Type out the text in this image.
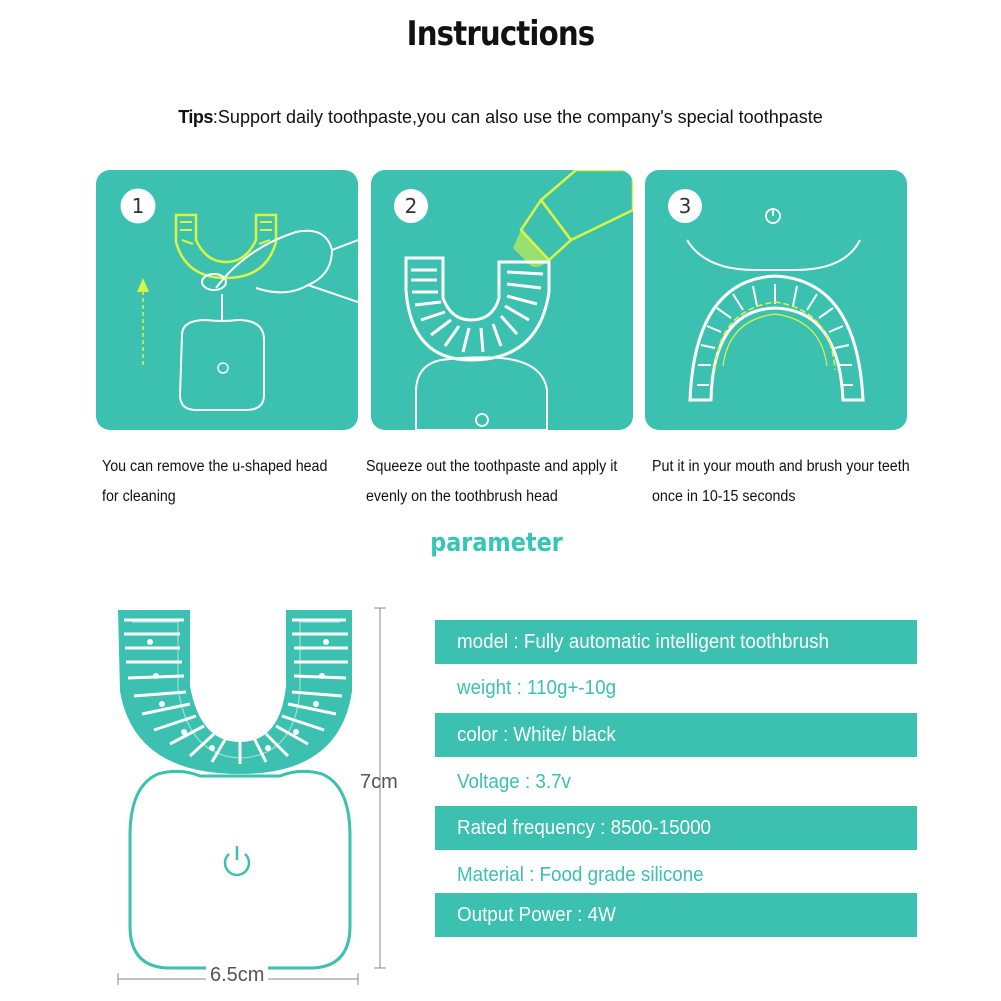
Instructions
Tips:Support daily toothpaste,you can also use the company's special toothpaste
1
You can remove the u-shaped head
for cleaning
2
Squeeze out the toothpaste and apply it
evenly on the toothbrush head
3
Put it in your mouth and brush your teeth
once in 10-15 seconds
parameter
7cm
6.5cm
model : Fully automatic intelligent toothbrush
weight : 110g+-10g
color : White/ black
Voltage : 3.7v
Rated frequency : 8500-15000
Material : Food grade silicone
Output Power : 4W
